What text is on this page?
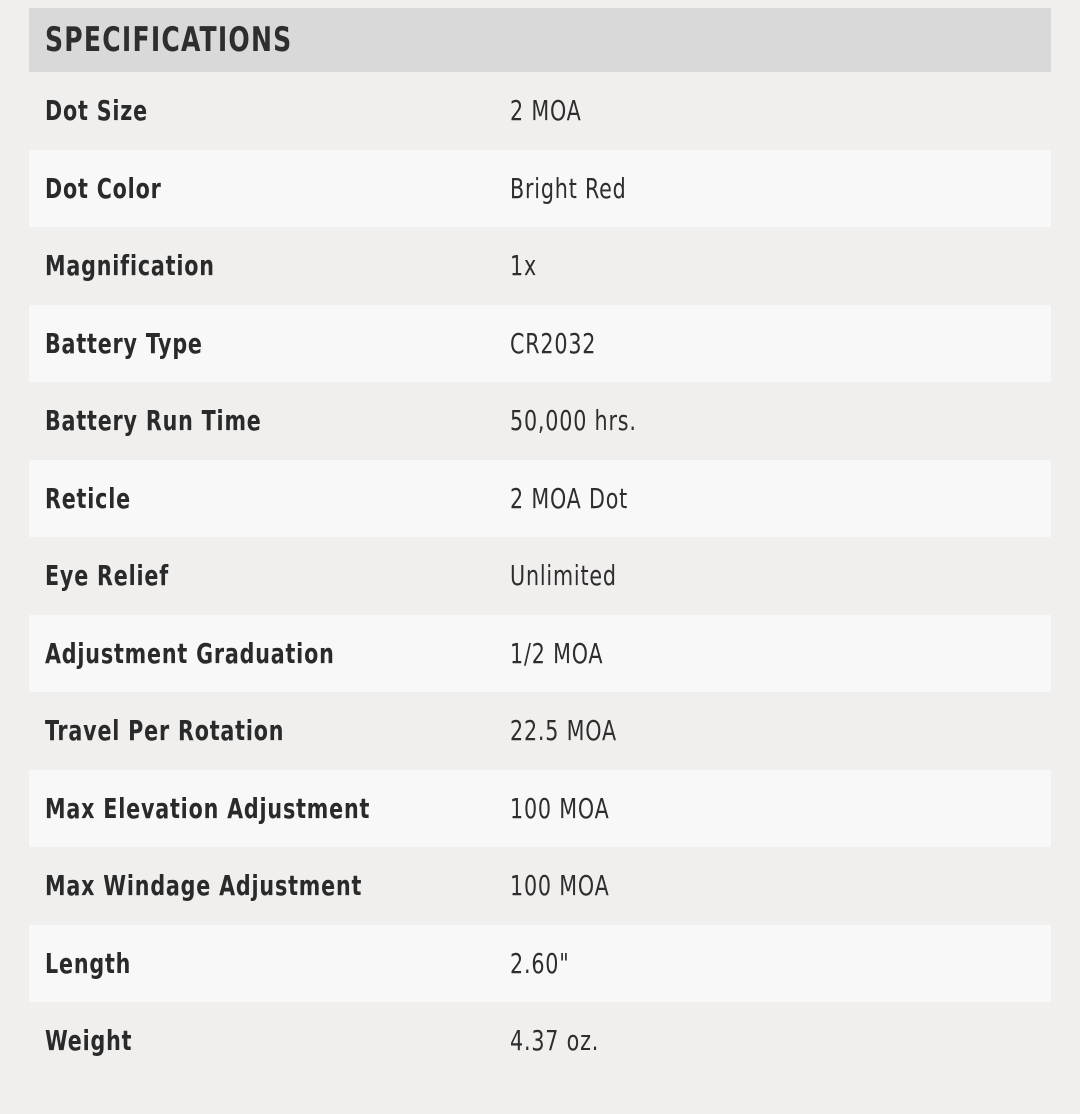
SPECIFICATIONS
Dot Size	2 MOA
Dot Color	Bright Red
Magnification	1x
Battery Type	CR2032
Battery Run Time	50,000 hrs.
Reticle	2 MOA Dot
Eye Relief	Unlimited
Adjustment Graduation	1/2 MOA
Travel Per Rotation	22.5 MOA
Max Elevation Adjustment	100 MOA
Max Windage Adjustment	100 MOA
Length	2.60"
Weight	4.37 oz.
